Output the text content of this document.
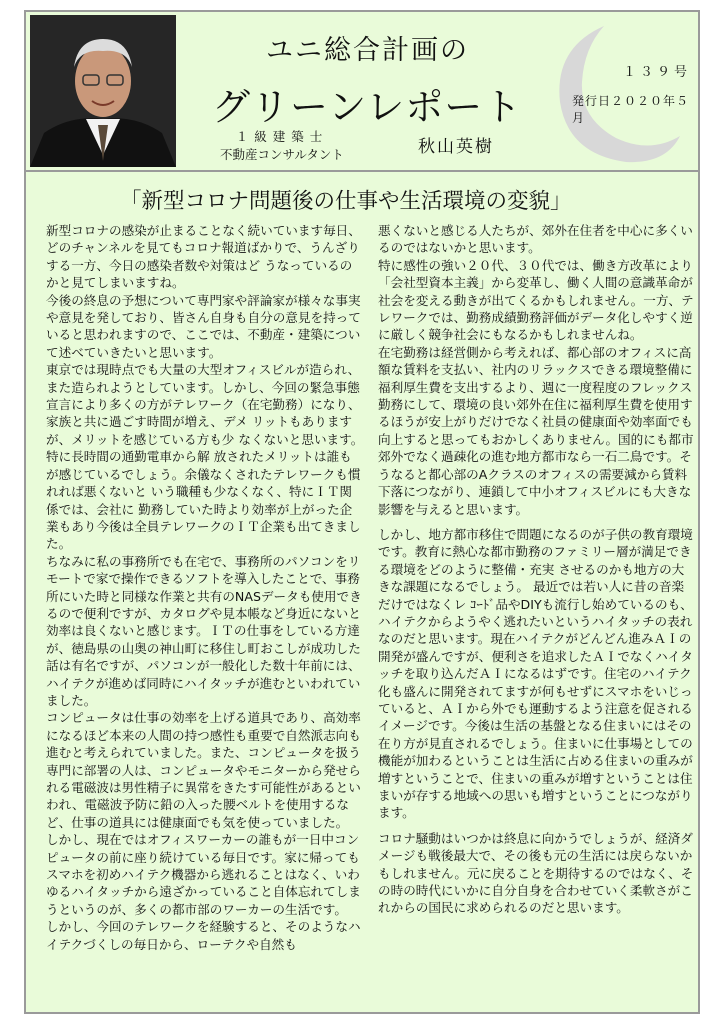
ユニ総合計画の
グリーンレポート
１３９号
発行日２０２０年５月
１級建築士
不動産コンサルタント	秋山英樹
「新型コロナ問題後の仕事や生活環境の変貌」

新型コロナの感染が止まることなく続いています毎日、どのチャンネルを見てもコロナ報道ばかりで、うんざりする一方、今日の感染者数や対策はど うなっているのかと見てしまいますね。

今後の終息の予想について専門家や評論家が様々な事実や意見を発しており、皆さん自身も自分の意見を持っていると思われますので、ここでは、不動産・建築について述べていきたいと思います。

東京では現時点でも大量の大型オフィスビルが造られ、また造られようとしています。しかし、今回の緊急事態宣言により多くの方がテレワーク（在宅勤務）になり、家族と共に過ごす時間が増え、デメ リットもありますが、メリットを感じている方も少 なくないと思います。特に長時間の通勤電車から解 放されたメリットは誰もが感じているでしょう。余儀なくされたテレワークも慣れれば悪くないと いう職種も少なくなく、特にＩＴ関係では、会社に 勤務していた時より効率が上がった企業もあり今後は全員テレワークのＩＴ企業も出てきました。

ちなみに私の事務所でも在宅で、事務所のパソコンをリモートで家で操作できるソフトを導入したことで、事務所にいた時と同様な作業と共有のNASデータも使用できるので便利ですが、カタログや見本帳など身近にないと効率は良くないと感じます。ＩＴの仕事をしている方達が、徳島県の山奥の神山町に移住し町おこしが成功した話は有名ですが、パソコンが一般化した数十年前には、ハイテクが進めば同時にハイタッチが進むといわれていました。

コンピュータは仕事の効率を上げる道具であり、高効率になるほど本来の人間の持つ感性も重要で自然派志向も進むと考えられていました。また、コンピュータを扱う専門に部署の人は、コンピュータやモニターから発せられる電磁波は男性精子に異常をきたす可能性があるといわれ、電磁波予防に鉛の入った腰ベルトを使用するなど、仕事の道具には健康面でも気を使っていました。

しかし、現在ではオフィスワーカーの誰もが一日中コンピュータの前に座り続けている毎日です。家に帰ってもスマホを初めハイテク機器から逃れることはなく、いわゆるハイタッチから遠ざかっていること自体忘れてしまうというのが、多くの都市部のワーカーの生活です。

しかし、今回のテレワークを経験すると、そのようなハイテクづくしの毎日から、ローテクや自然も

悪くないと感じる人たちが、郊外在住者を中心に多くいるのではないかと思います。

特に感性の強い２０代、３０代では、働き方改革により「会社型資本主義」から変革し、働く人間の意識革命が社会を変える動きが出てくるかもしれません。一方、テレワークでは、勤務成績勤務評価がデータ化しやすく逆に厳しく競争社会にもなるかもしれませんね。

在宅勤務は経営側から考えれば、都心部のオフィスに高額な賃料を支払い、社内のリラックスできる環境整備に福利厚生費を支出するより、週に一度程度のフレックス勤務にして、環境の良い郊外在住に福利厚生費を使用するほうが安上がりだけでなく社員の健康面や効率面でも向上すると思ってもおかしくありません。国的にも都市郊外でなく過疎化の進む地方都市なら一石二鳥です。そうなると都心部のAクラスのオフィスの需要減から賃料下落につながり、連鎖して中小オフィスビルにも大きな影響を与えると思います。

しかし、地方都市移住で問題になるのが子供の教育環境です。教育に熱心な都市勤務のファミリー層が満足できる環境をどのように整備・充実 させるのかも地方の大きな課題になるでしょう。 最近では若い人に昔の音楽だけではなくレ ｺｰﾄﾞ品やDIYも流行し始めているのも、ハイテクからようやく逃れたいというハイタッチの表れなのだと思います。現在ハイテクがどんどん進みＡＩの開発が盛んですが、便利さを追求したＡＩでなくハイタッチを取り込んだＡＩになるはずです。住宅のハイテク化も盛んに開発されてますが何もせずにスマホをいじっていると、ＡＩから外でも運動するよう注意を促されるイメージです。今後は生活の基盤となる住まいにはその在り方が見直されるでしょう。住まいに仕事場としての機能が加わるということは生活に占める住まいの重みが増すということで、住まいの重みが増すということは住まいが存する地域への思いも増すということにつながります。

コロナ騒動はいつかは終息に向かうでしょうが、経済ダメージも戦後最大で、その後も元の生活には戻らないかもしれません。元に戻ることを期待するのではなく、その時の時代にいかに自分自身を合わせていく柔軟さがこれからの国民に求められるのだと思います。
